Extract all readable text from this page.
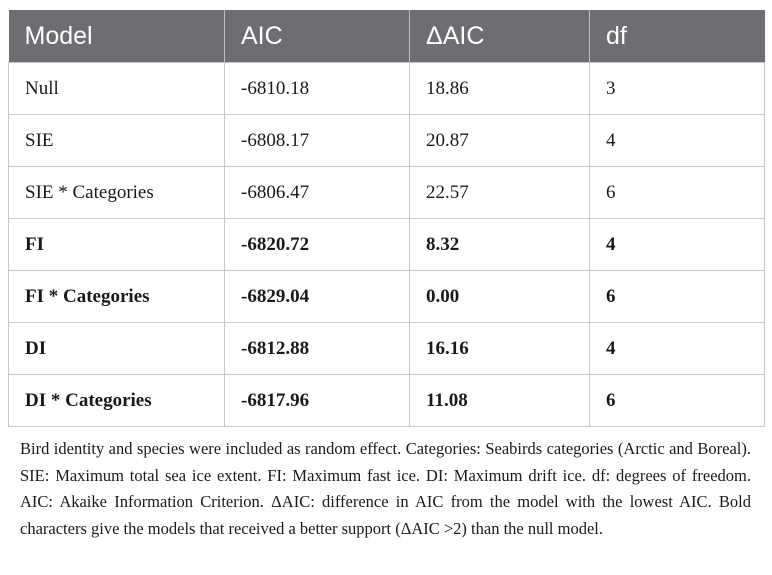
Model	AIC	ΔAIC	df
Null	-6810.18	18.86	3
SIE	-6808.17	20.87	4
SIE * Categories	-6806.47	22.57	6
FI	-6820.72	8.32	4
FI * Categories	-6829.04	0.00	6
DI	-6812.88	16.16	4
DI * Categories	-6817.96	11.08	6

Bird identity and species were included as random effect. Categories: Seabirds categories (Arctic and Boreal). SIE: Maximum total sea ice extent. FI: Maximum fast ice. DI: Maximum drift ice. df: degrees of freedom. AIC: Akaike Information Criterion. ΔAIC: difference in AIC from the model with the lowest AIC. Bold characters give the models that received a better support (ΔAIC >2) than the null model.
